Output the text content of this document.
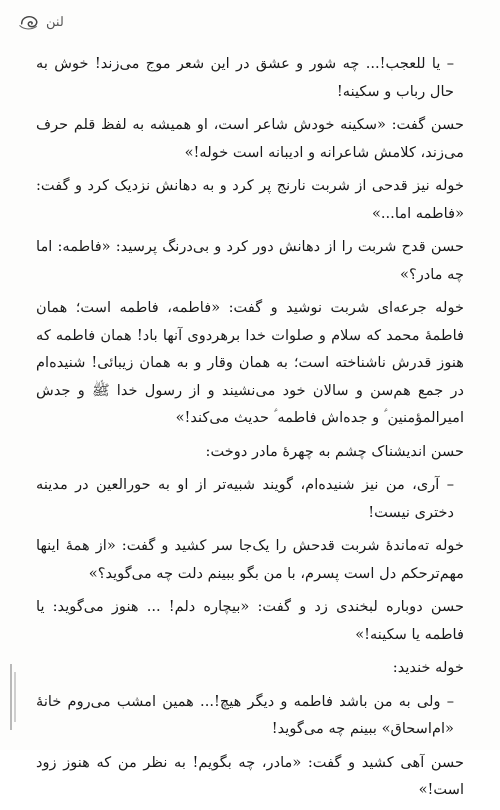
لنن

– یا للعجب!... چه شور و عشق در این شعر موج می‌زند! خوش به حال رباب و سکینه!

حسن گفت: «سکینه خودش شاعر است، او همیشه به لفظ قلم حرف می‌زند، کلامش شاعرانه و ادیبانه است خوله!»

خوله نیز قدحی از شربت نارنج پر کرد و به دهانش نزدیک کرد و گفت: «فاطمه اما...»

حسن قدح شربت را از دهانش دور کرد و بی‌درنگ پرسید: «فاطمه: اما چه مادر؟»

خوله جرعه‌ای شربت نوشید و گفت: «فاطمه، فاطمه است؛ همان فاطمهٔ محمد که سلام و صلوات خدا برهردوی آنها باد! همان فاطمه که هنوز قدرش ناشناخته است؛ به همان وقار و به همان زیبائی! شنیده‌ام در جمع هم‌سن و سالان خود می‌نشیند و از رسول خدا ﷺ و جدش امیرالمؤمنین ؑ و جده‌اش فاطمه ؑ حدیث می‌کند!»

حسن اندیشناک چشم به چهرهٔ مادر دوخت:

– آری، من نیز شنیده‌ام، گویند شبیه‌تر از او به حورالعین در مدینه دختری نیست!

خوله ته‌ماندهٔ شربت قدحش را یک‌جا سر کشید و گفت: «از همهٔ اینها مهم‌ترحکم دل است پسرم، با من بگو ببینم دلت چه می‌گوید؟»

حسن دوباره لبخندی زد و گفت: «بیچاره دلم! ... هنوز می‌گوید: یا فاطمه یا سکینه!»

خوله خندید:

– ولی به من باشد فاطمه و دیگر هیچ!... همین امشب می‌روم خانهٔ «ام‌اسحاق» ببینم چه می‌گوید!

حسن آهی کشید و گفت: «مادر، چه بگویم! به نظر من که هنوز زود است!»
